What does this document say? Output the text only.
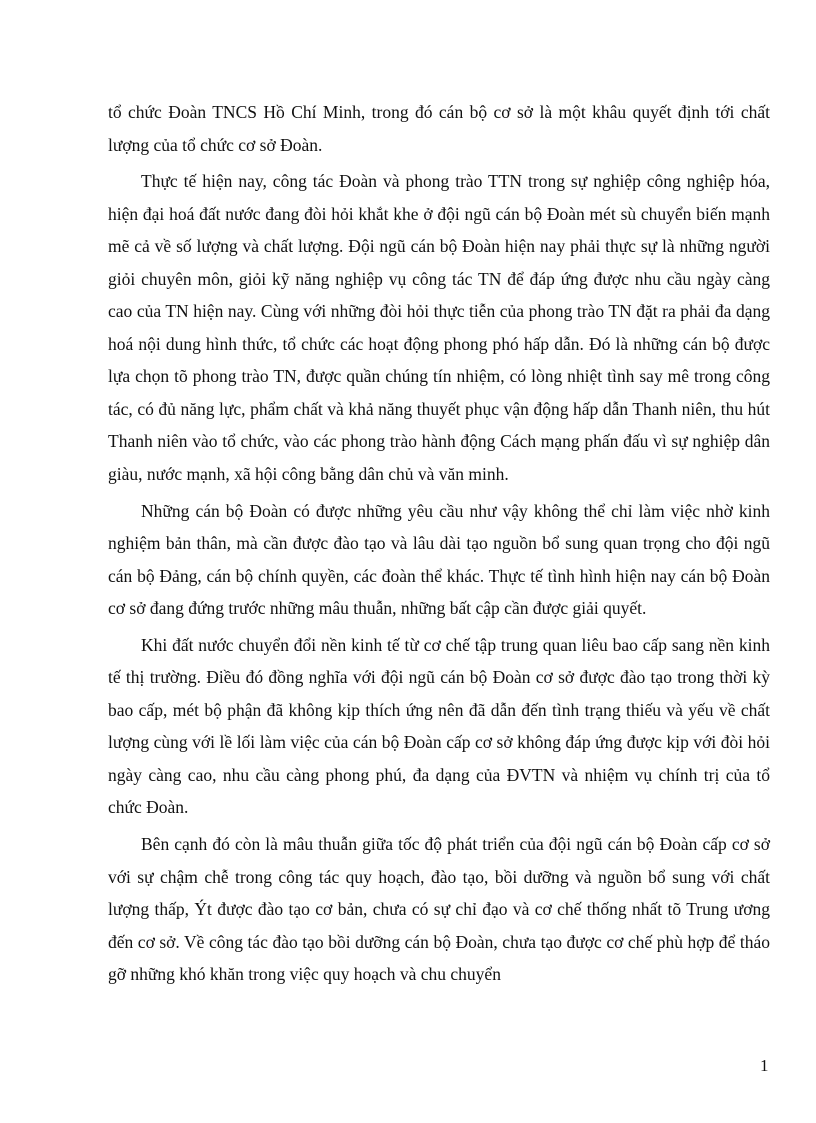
tổ chức Đoàn TNCS Hồ Chí Minh, trong đó cán bộ cơ sở là một khâu quyết định tới chất lượng của tổ chức cơ sở Đoàn.

Thực tế hiện nay, công tác Đoàn và phong trào TTN trong sự nghiệp công nghiệp hóa, hiện đại hoá đất nước đang đòi hỏi khắt khe ở đội ngũ cán bộ Đoàn mét sù chuyển biến mạnh mẽ cả về số lượng và chất lượng. Đội ngũ cán bộ Đoàn hiện nay phải thực sự là những người giỏi chuyên môn, giỏi kỹ năng nghiệp vụ công tác TN để đáp ứng được nhu cầu ngày càng cao của TN hiện nay. Cùng với những đòi hỏi thực tiễn của phong trào TN đặt ra phải đa dạng hoá nội dung hình thức, tổ chức các hoạt động phong phó hấp dẫn. Đó là những cán bộ được lựa chọn tõ phong trào TN, được quần chúng tín nhiệm, có lòng nhiệt tình say mê trong công tác, có đủ năng lực, phẩm chất và khả năng thuyết phục vận động hấp dẫn Thanh niên, thu hút Thanh niên vào tổ chức, vào các phong trào hành động Cách mạng phấn đấu vì sự nghiệp dân giàu, nước mạnh, xã hội công bằng dân chủ và văn minh.

Những cán bộ Đoàn có được những yêu cầu như vậy không thể chỉ làm việc nhờ kinh nghiệm bản thân, mà cần được đào tạo và lâu dài tạo nguồn bổ sung quan trọng cho đội ngũ cán bộ Đảng, cán bộ chính quyền, các đoàn thể khác. Thực tế tình hình hiện nay cán bộ Đoàn cơ sở đang đứng trước những mâu thuẫn, những bất cập cần được giải quyết.

Khi đất nước chuyển đổi nền kinh tế từ cơ chế tập trung quan liêu bao cấp sang nền kinh tế thị trường. Điều đó đồng nghĩa với đội ngũ cán bộ Đoàn cơ sở được đào tạo trong thời kỳ bao cấp, mét bộ phận đã không kịp thích ứng nên đã dẫn đến tình trạng thiếu và yếu về chất lượng cùng với lề lối làm việc của cán bộ Đoàn cấp cơ sở không đáp ứng được kịp với đòi hỏi ngày càng cao, nhu cầu càng phong phú, đa dạng của ĐVTN và nhiệm vụ chính trị của tổ chức Đoàn.

Bên cạnh đó còn là mâu thuẫn giữa tốc độ phát triển của đội ngũ cán bộ Đoàn cấp cơ sở với sự chậm chễ trong công tác quy hoạch, đào tạo, bồi dưỡng và nguồn bổ sung với chất lượng thấp, Ýt được đào tạo cơ bản, chưa có sự chỉ đạo và cơ chế thống nhất tõ Trung ương đến cơ sở. Về công tác đào tạo bồi dưỡng cán bộ Đoàn, chưa tạo được cơ chế phù hợp để tháo gỡ những khó khăn trong việc quy hoạch và chu chuyển

1
